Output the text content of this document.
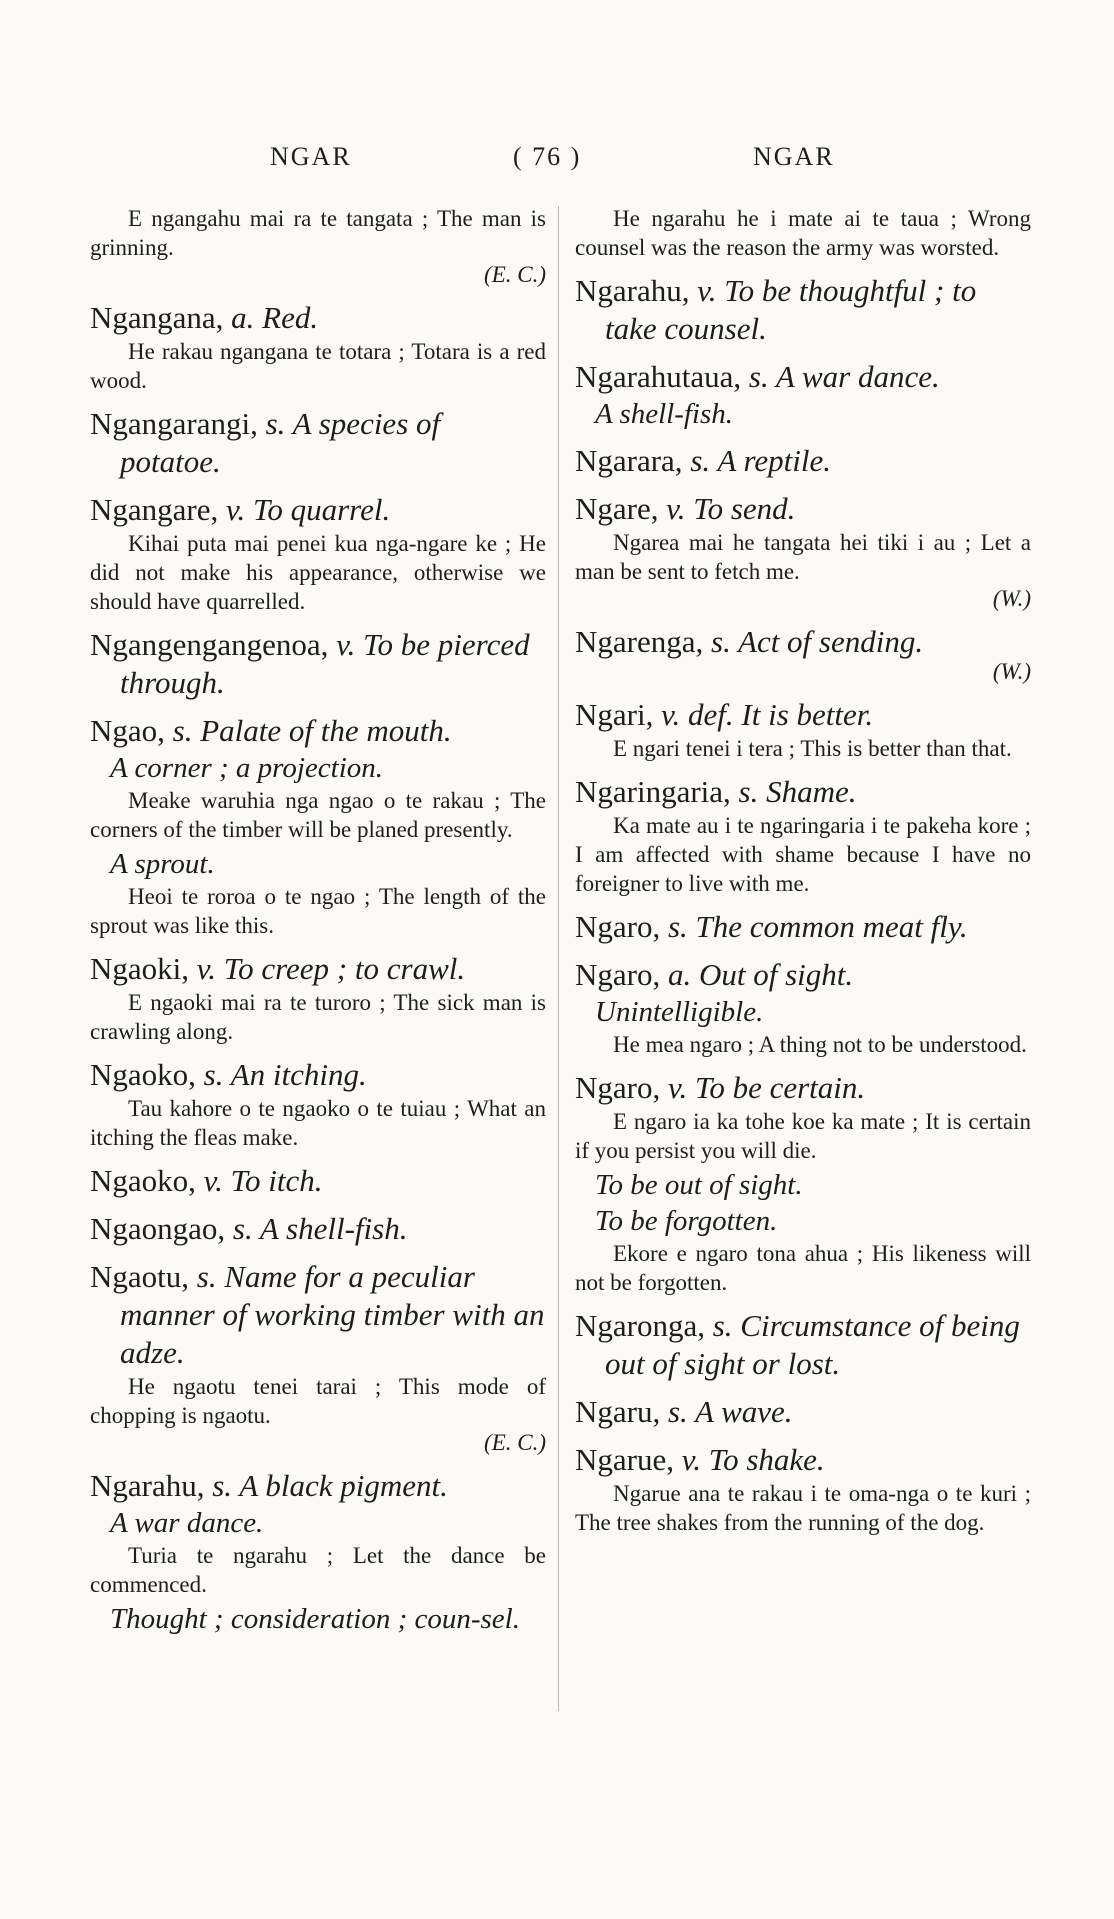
NGAR	( 76 )	NGAR

E ngangahu mai ra te tangata ; The man is grinning.

(E. C.)

Ngangana, a. Red.

He rakau ngangana te totara ; Totara is a red wood.

Ngangarangi, s. A species of potatoe.

Ngangare, v. To quarrel.

Kihai puta mai penei kua nga-ngare ke ; He did not make his appearance, otherwise we should have quarrelled.

Ngangengangenoa, v. To be pierced through.

Ngao, s. Palate of the mouth.

A corner ; a projection.

Meake waruhia nga ngao o te rakau ; The corners of the timber will be planed presently.

A sprout.

Heoi te roroa o te ngao ; The length of the sprout was like this.

Ngaoki, v. To creep ; to crawl.

E ngaoki mai ra te turoro ; The sick man is crawling along.

Ngaoko, s. An itching.

Tau kahore o te ngaoko o te tuiau ; What an itching the fleas make.

Ngaoko, v. To itch.

Ngaongao, s. A shell-fish.

Ngaotu, s. Name for a peculiar manner of working timber with an adze.

He ngaotu tenei tarai ; This mode of chopping is ngaotu.

(E. C.)

Ngarahu, s. A black pigment.

A war dance.

Turia te ngarahu ; Let the dance be commenced.

Thought ; consideration ; coun-sel.

He ngarahu he i mate ai te taua ; Wrong counsel was the reason the army was worsted.

Ngarahu, v. To be thoughtful ; to take counsel.

Ngarahutaua, s. A war dance.

A shell-fish.

Ngarara, s. A reptile.

Ngare, v. To send.

Ngarea mai he tangata hei tiki i au ; Let a man be sent to fetch me.

(W.)

Ngarenga, s. Act of sending.

(W.)

Ngari, v. def. It is better.

E ngari tenei i tera ; This is better than that.

Ngaringaria, s. Shame.

Ka mate au i te ngaringaria i te pakeha kore ; I am affected with shame because I have no foreigner to live with me.

Ngaro, s. The common meat fly.

Ngaro, a. Out of sight.

Unintelligible.

He mea ngaro ; A thing not to be understood.

Ngaro, v. To be certain.

E ngaro ia ka tohe koe ka mate ; It is certain if you persist you will die.

To be out of sight.

To be forgotten.

Ekore e ngaro tona ahua ; His likeness will not be forgotten.

Ngaronga, s. Circumstance of being out of sight or lost.

Ngaru, s. A wave.

Ngarue, v. To shake.

Ngarue ana te rakau i te oma-nga o te kuri ; The tree shakes from the running of the dog.
